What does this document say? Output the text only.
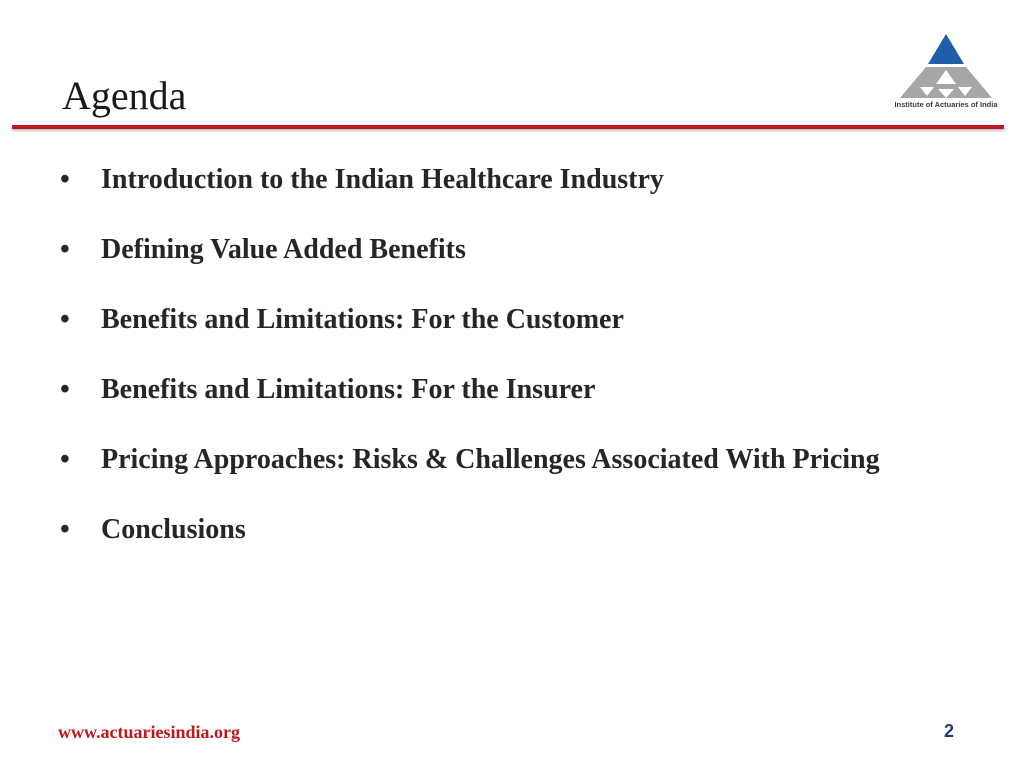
Agenda	Institute of Actuaries of India
• Introduction to the Indian Healthcare Industry
• Defining Value Added Benefits
• Benefits and Limitations: For the Customer
• Benefits and Limitations: For the Insurer
• Pricing Approaches: Risks & Challenges Associated With Pricing
• Conclusions
www.actuariesindia.org	2
